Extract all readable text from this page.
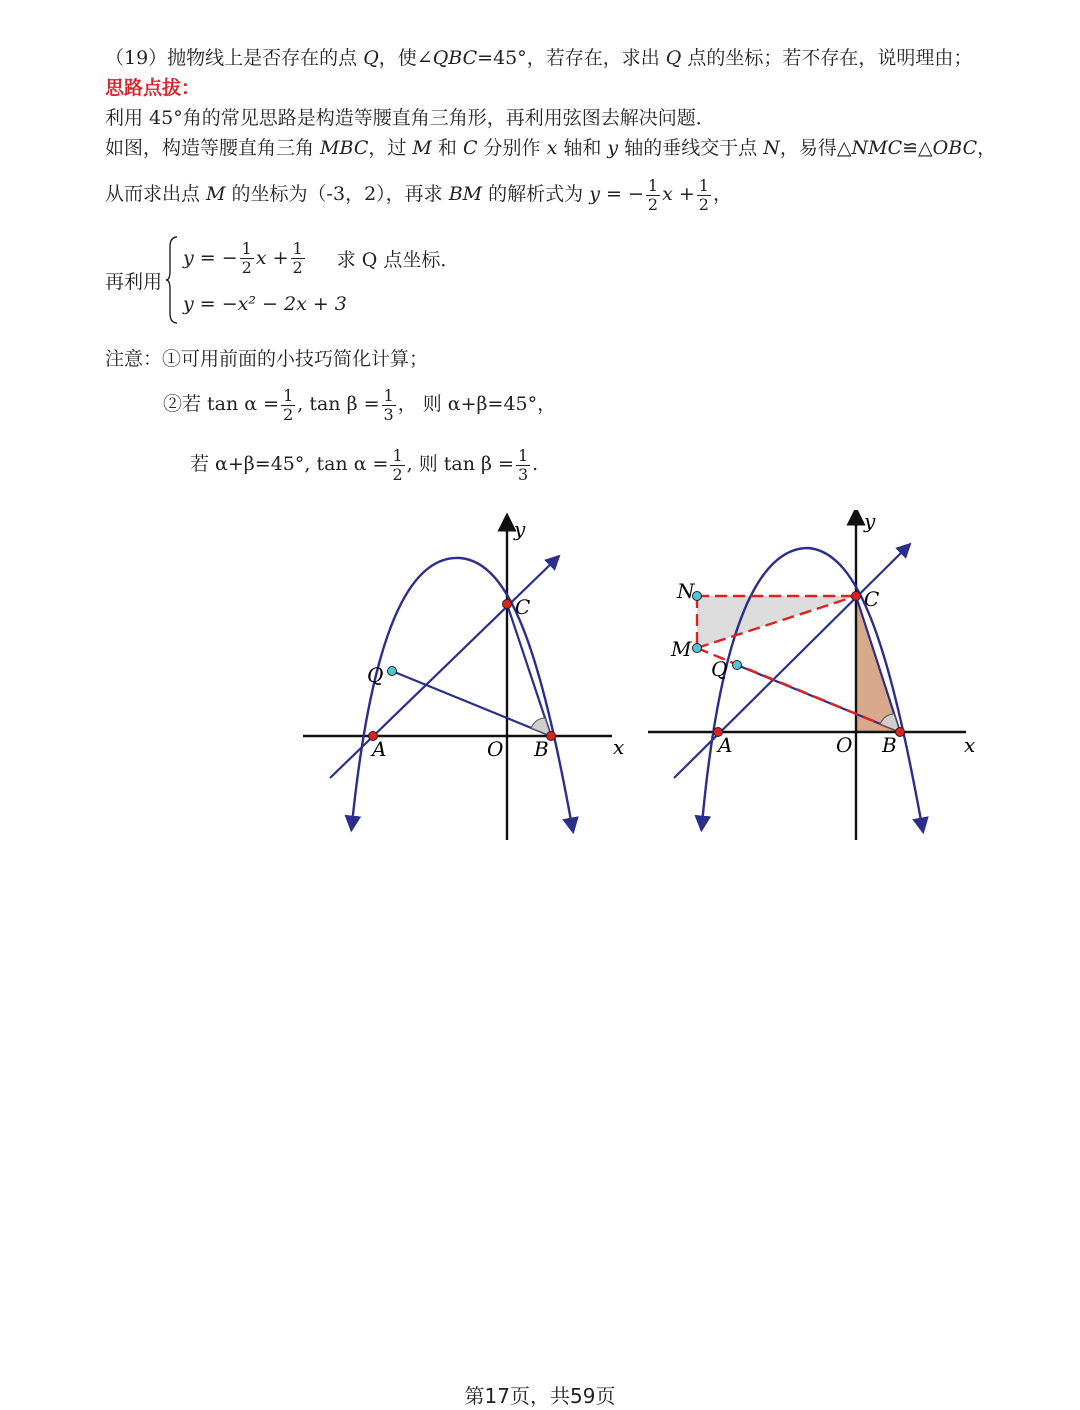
（19）抛物线上是否存在的点 Q，使∠QBC=45°，若存在，求出 Q 点的坐标；若不存在，说明理由；
思路点拔：
利用 45°角的常见思路是构造等腰直角三角形，再利用弦图去解决问题．
如图，构造等腰直角三角 MBC，过 M 和 C 分别作 x 轴和 y 轴的垂线交于点 N，易得△NMC≌△OBC，
从而求出点 M 的坐标为（-3，2），再求 BM 的解析式为 y = − $\frac{1}{2}$ $x + \frac{1}{2}$ ，
再利用
y = − $\frac{1}{2}$ $x + \frac{1}{2}$ 求 Q 点坐标．
y = −x² − 2x + 3
注意：①可用前面的小技巧简化计算；
②若 $\tan \alpha = \frac{1}{2}$ , $\tan \beta = \frac{1}{3}$ ， 则 α+β=45°，
若 α+β=45°, $\tan \alpha = \frac{1}{2}$ , 则 $\tan \beta = \frac{1}{3}$ .
y
x
O
A	B
C
Q
y
x
O
A	B
C
Q
N
M
第17页，共59页
